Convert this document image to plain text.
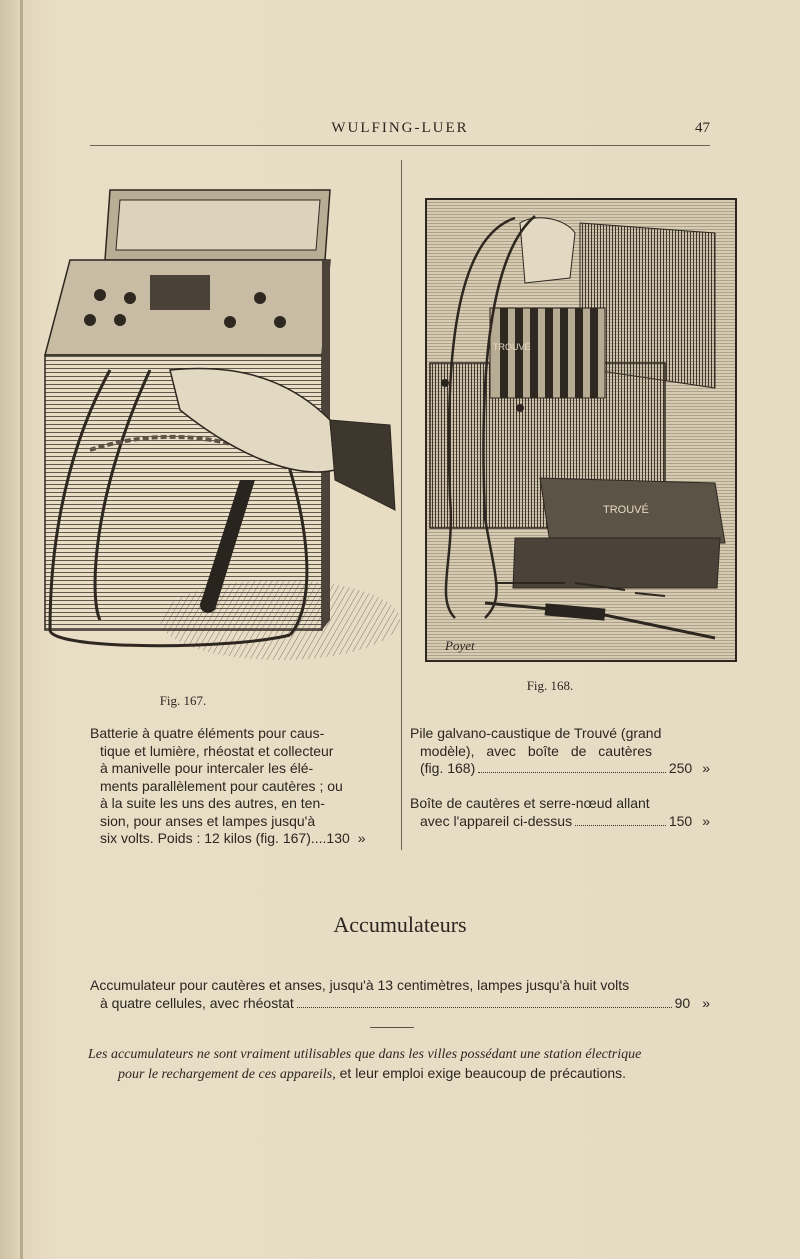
WULFING-LUER	47
Fig. 167.
TROUVÉ
TROUVÉ
Poyet
Fig. 168.
Batterie à quatre éléments pour caus-
tique et lumière, rhéostat et collecteur
à manivelle pour intercaler les élé-
ments parallèlement pour cautères ; ou
à la suite les uns des autres, en ten-
sion, pour anses et lampes jusqu'à
six volts. Poids : 12 kilos (fig. 167)....130 »
Pile galvano-caustique de Trouvé (grand
modèle), avec boîte de cautères
(fig. 168)	250 »
Boîte de cautères et serre-nœud allant
avec l'appareil ci-dessus	150 »
Accumulateurs
Accumulateur pour cautères et anses, jusqu'à 13 centimètres, lampes jusqu'à huit volts
à quatre cellules, avec rhéostat	90 »
Les accumulateurs ne sont vraiment utilisables que dans les villes possédant une station électrique
pour le rechargement de ces appareils, et leur emploi exige beaucoup de précautions.
